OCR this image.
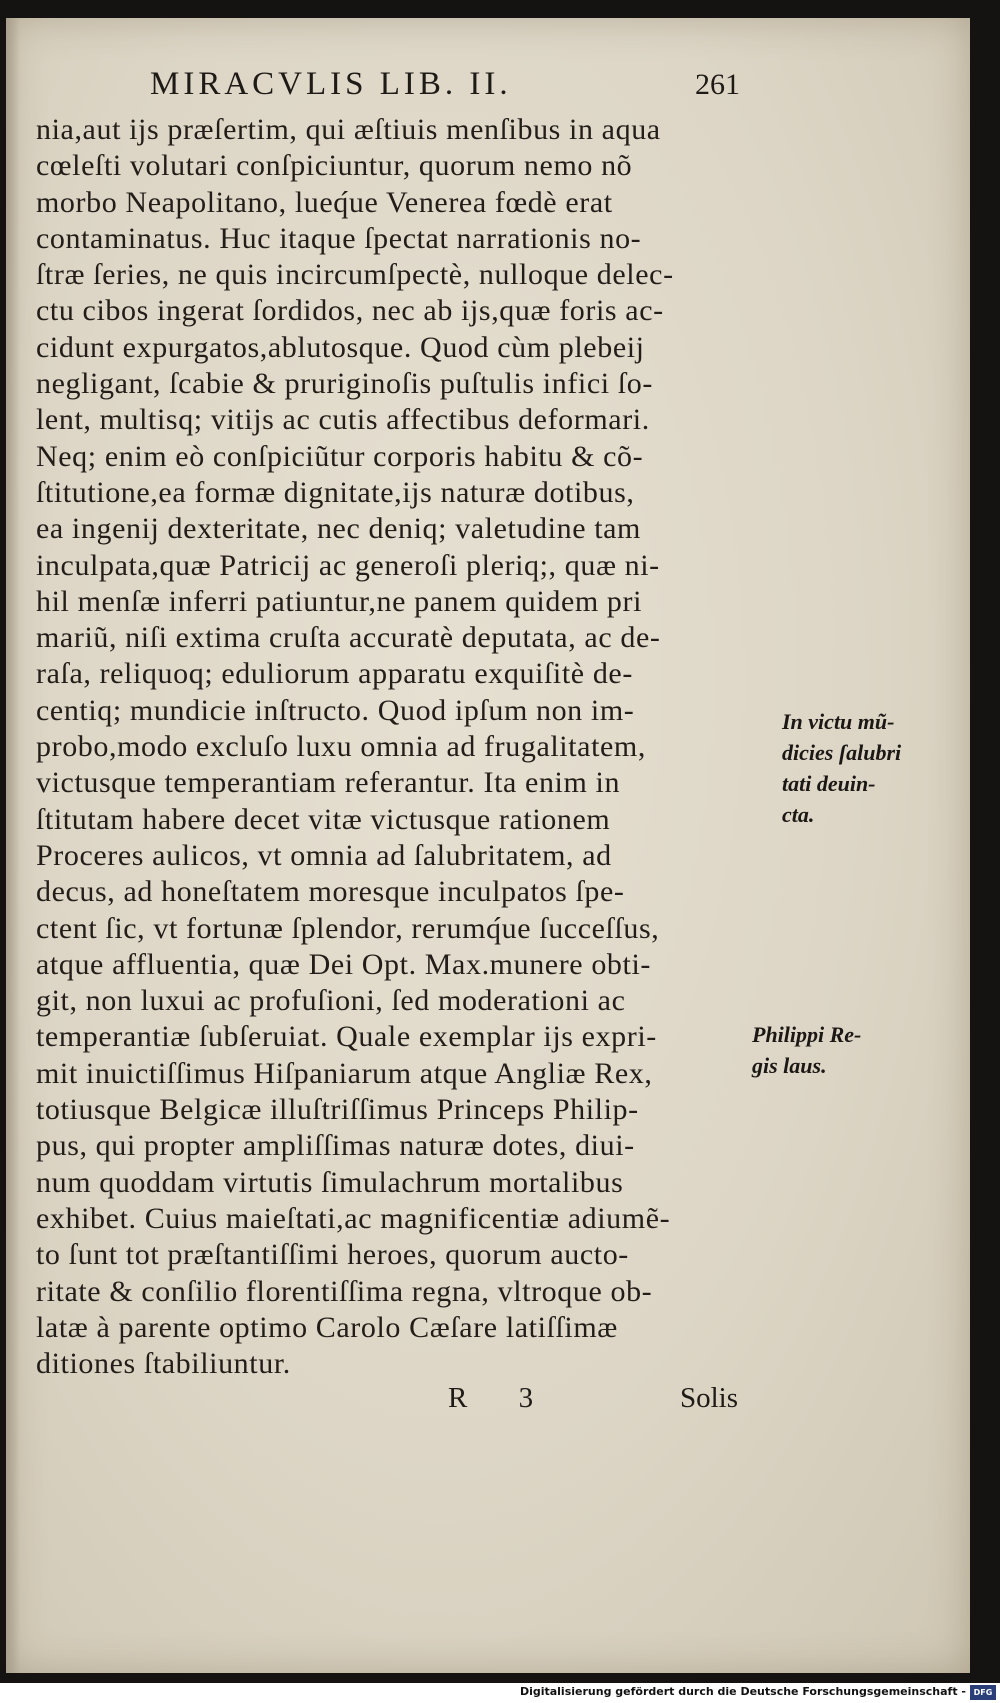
MIRACVLIS LIB. II.	261
nia,aut ijs præſertim, qui æſtiuis menſibus in aqua
cœleſti volutari conſpiciuntur, quorum nemo nõ
morbo Neapolitano, lueq́ue Venerea fœdè erat
contaminatus. Huc itaque ſpectat narrationis no-
ſtræ ſeries, ne quis incircumſpectè, nulloque delec-
ctu cibos ingerat ſordidos, nec ab ijs,quæ foris ac-
cidunt expurgatos,ablutosque. Quod cùm plebeij
negligant, ſcabie & pruriginoſis puſtulis infici ſo-
lent, multisq; vitijs ac cutis affectibus deformari.
Neq; enim eò conſpiciũtur corporis habitu & cõ-
ſtitutione,ea formæ dignitate,ijs naturæ dotibus,
ea ingenij dexteritate, nec deniq; valetudine tam
inculpata,quæ Patricij ac generoſi pleriq;, quæ ni-
hil menſæ inferri patiuntur,ne panem quidem pri
mariũ, niſi extima cruſta accuratè deputata, ac de-
raſa, reliquoq; eduliorum apparatu exquiſitè de-
centiq; mundicie inſtructo. Quod ipſum non im-
probo,modo excluſo luxu omnia ad frugalitatem,
victusque temperantiam referantur. Ita enim in
ſtitutam habere decet vitæ victusque rationem
Proceres aulicos, vt omnia ad ſalubritatem, ad
decus, ad honeſtatem moresque inculpatos ſpe-
ctent ſic, vt fortunæ ſplendor, rerumq́ue ſucceſſus,
atque affluentia, quæ Dei Opt. Max.munere obti-
git, non luxui ac profuſioni, ſed moderationi ac
temperantiæ ſubſeruiat. Quale exemplar ijs expri-
mit inuictiſſimus Hiſpaniarum atque Angliæ Rex,
totiusque Belgicæ illuſtriſſimus Princeps Philip-
pus, qui propter ampliſſimas naturæ dotes, diui-
num quoddam virtutis ſimulachrum mortalibus
exhibet. Cuius maieſtati,ac magnificentiæ adiumẽ-
to ſunt tot præſtantiſſimi heroes, quorum aucto-
ritate & conſilio florentiſſima regna, vltroque ob-
latæ à parente optimo Carolo Cæſare latiſſimæ
ditiones ſtabiliuntur.
In victu mũ-
dicies ſalubri
tati deuin-
cta.
Philippi Re-
gis laus.
R 3	Solis
Digitalisierung gefördert durch die Deutsche Forschungsgemeinschaft - DFG
